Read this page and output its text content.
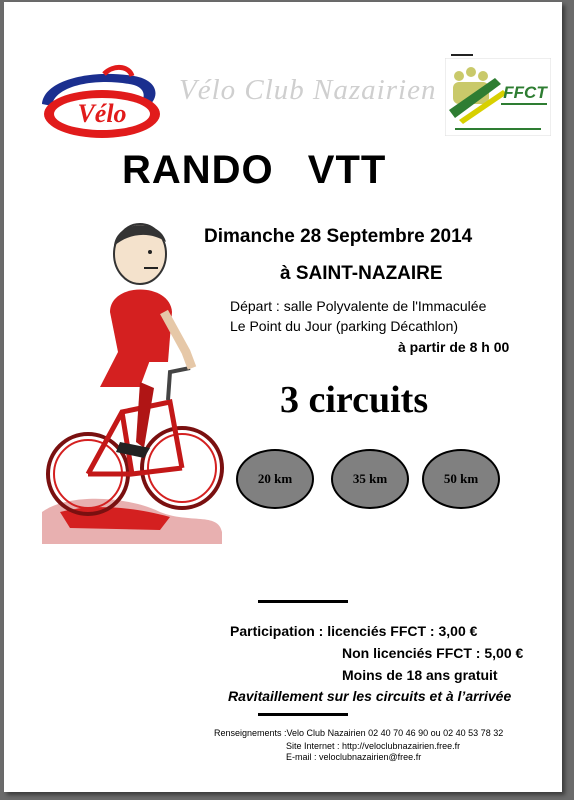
Vélo
Vélo Club Nazairien	FFCT
RANDO VTT
Dimanche 28 Septembre 2014
à SAINT-NAZAIRE
Départ : salle Polyvalente de l'Immaculée
Le Point du Jour (parking Décathlon)
à partir de 8 h 00
3 circuits
20 km	35 km	50 km
Participation : licenciés FFCT : 3,00 €
Non licenciés FFCT : 5,00 €
Moins de 18 ans gratuit
Ravitaillement sur les circuits et à l’arrivée
Renseignements :Velo Club Nazairien 02 40 70 46 90 ou 02 40 53 78 32
Site Internet : http://veloclubnazairien.free.fr
E-mail : veloclubnazairien@free.fr
